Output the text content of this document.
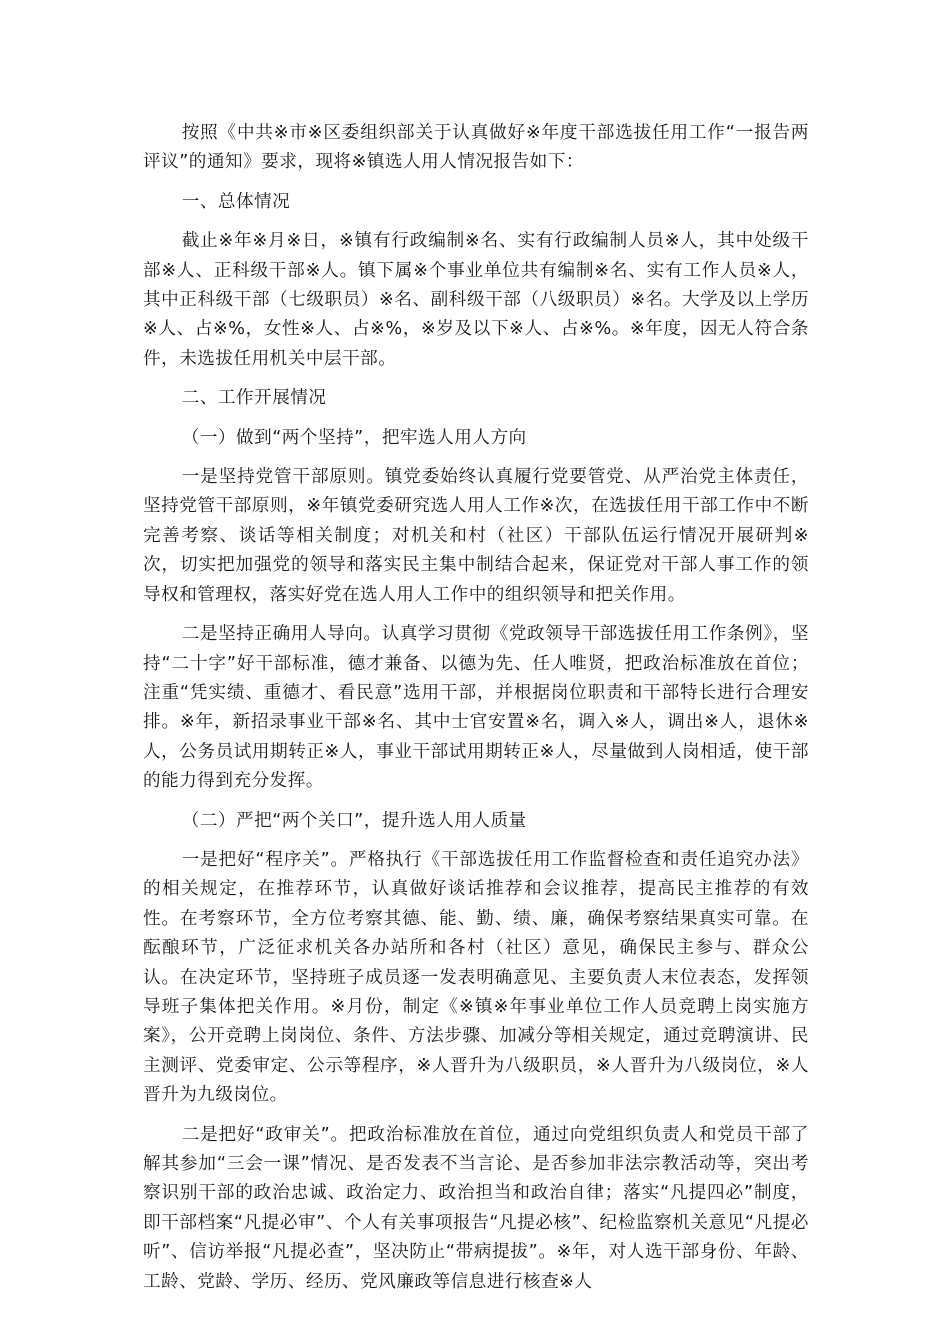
按照《中共※市※区委组织部关于认真做好※年度干部选拔任用工作“一报告两评议”的通知》要求，现将※镇选人用人情况报告如下：

一、总体情况

截止※年※月※日，※镇有行政编制※名、实有行政编制人员※人，其中处级干部※人、正科级干部※人。镇下属※个事业单位共有编制※名、实有工作人员※人，其中正科级干部（七级职员）※名、副科级干部（八级职员）※名。大学及以上学历※人、占※%，女性※人、占※%，※岁及以下※人、占※%。※年度，因无人符合条件，未选拔任用机关中层干部。

二、工作开展情况

（一）做到“两个坚持”，把牢选人用人方向

一是坚持党管干部原则。镇党委始终认真履行党要管党、从严治党主体责任，坚持党管干部原则，※年镇党委研究选人用人工作※次，在选拔任用干部工作中不断完善考察、谈话等相关制度；对机关和村（社区）干部队伍运行情况开展研判※次，切实把加强党的领导和落实民主集中制结合起来，保证党对干部人事工作的领导权和管理权，落实好党在选人用人工作中的组织领导和把关作用。

二是坚持正确用人导向。认真学习贯彻《党政领导干部选拔任用工作条例》，坚持“二十字”好干部标准，德才兼备、以德为先、任人唯贤，把政治标准放在首位；注重“凭实绩、重德才、看民意”选用干部，并根据岗位职责和干部特长进行合理安排。※年，新招录事业干部※名、其中士官安置※名，调入※人，调出※人，退休※人，公务员试用期转正※人，事业干部试用期转正※人，尽量做到人岗相适，使干部的能力得到充分发挥。

（二）严把“两个关口”，提升选人用人质量

一是把好“程序关”。严格执行《干部选拔任用工作监督检查和责任追究办法》的相关规定，在推荐环节，认真做好谈话推荐和会议推荐，提高民主推荐的有效性。在考察环节，全方位考察其德、能、勤、绩、廉，确保考察结果真实可靠。在酝酿环节，广泛征求机关各办站所和各村（社区）意见，确保民主参与、群众公认。在决定环节，坚持班子成员逐一发表明确意见、主要负责人末位表态，发挥领导班子集体把关作用。※月份，制定《※镇※年事业单位工作人员竞聘上岗实施方案》，公开竞聘上岗岗位、条件、方法步骤、加减分等相关规定，通过竞聘演讲、民主测评、党委审定、公示等程序，※人晋升为八级职员，※人晋升为八级岗位，※人晋升为九级岗位。

二是把好“政审关”。把政治标准放在首位，通过向党组织负责人和党员干部了解其参加“三会一课”情况、是否发表不当言论、是否参加非法宗教活动等，突出考察识别干部的政治忠诚、政治定力、政治担当和政治自律；落实“凡提四必”制度，即干部档案“凡提必审”、个人有关事项报告“凡提必核”、纪检监察机关意见“凡提必听”、信访举报“凡提必查”，坚决防止“带病提拔”。※年，对人选干部身份、年龄、工龄、党龄、学历、经历、党风廉政等信息进行核查※人
